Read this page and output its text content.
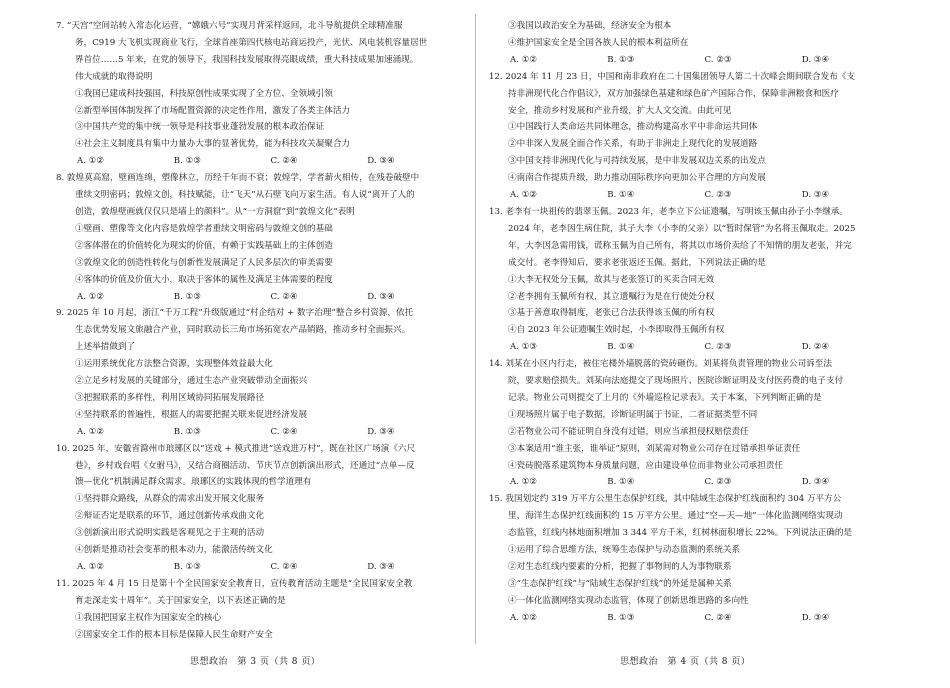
7. “天宫”空间站转入常态化运营，“嫦娥六号”实现月背采样返回，北斗导航提供全球精准服
务，C919 大飞机实现商业飞行，全球首座第四代核电站商运投产，光伏、风电装机容量居世
界首位……5 年来，在党的领导下，我国科技发展取得亮眼成绩，重大科技成果加速涌现。
伟大成就的取得说明
①我国已建成科技强国，科技原创性成果实现了全方位、全领域引领
②新型举国体制发挥了市场配置资源的决定性作用，激发了各类主体活力
③中国共产党的集中统一领导是科技事业蓬勃发展的根本政治保证
④社会主义制度具有集中力量办大事的显著优势，能为科技攻关凝聚合力
A. ①②	B. ①③	C. ②④	D. ③④
8. 敦煌莫高窟，壁画连绵，塑像林立，历经千年而不衰；敦煌学，学者薪火相传，在残卷破壁中
重续文明密码；敦煌文创，科技赋能，让“飞天”从石壁飞向万家生活。有人说“离开了人的
创造，敦煌壁画就仅仅只是墙上的颜料”。从“一方洞窟”到“敦煌文化”表明
①壁画、塑像等文化内容是敦煌学者重续文明密码与敦煌文创的基础
②客体潜在的价值转化为现实的价值，有赖于实践基础上的主体创造
③敦煌文化的创造性转化与创新性发展满足了人民多层次的审美需要
④客体的价值及价值大小，取决于客体的属性及满足主体需要的程度
A. ①②	B. ①③	C. ②④	D. ③④
9. 2025 年 10 月起，浙江“千万工程”升级版通过“村企结对 + 数字治理”整合乡村资源，依托
生态优势发展文旅融合产业，同时联动长三角市场拓宽农产品销路，推动乡村全面振兴。
上述举措做到了
①运用系统优化方法整合资源，实现整体效益最大化
②立足乡村发展的关键部分，通过生态产业突破带动全面振兴
③把握联系的多样性，利用区域协同拓展发展路径
④坚持联系的普遍性，根据人的需要把握关联来促进经济发展
A. ①②	B. ①③	C. ②④	D. ③④
10. 2025 年，安徽省滁州市琅琊区以“送戏 + 模式推进“送戏进万村”，既在社区广场演《六尺
巷》，乡村戏台唱《女驸马》，又结合商圈活动、节庆节点创新演出形式，还通过“点单—反
馈—优化”机制满足群众需求。琅琊区的实践体现的哲学道理有
①坚持群众路线，从群众的需求出发开展文化服务
②辩证否定是联系的环节，通过创新传承戏曲文化
③创新演出形式说明实践是客观见之于主观的活动
④创新是推动社会变革的根本动力，能激活传统文化
A. ①②	B. ①③	C. ②④	D. ③④
11. 2025 年 4 月 15 日是第十个全民国家安全教育日，宣传教育活动主题是“全民国家安全教
育走深走实十周年”。关于国家安全，以下表述正确的是
①我国把国家主权作为国家安全的核心
②国家安全工作的根本目标是保障人民生命财产安全
③我国以政治安全为基础，经济安全为根本
④维护国家安全是全国各族人民的根本利益所在
A. ①②	B. ①③	C. ②③	D. ③④
12. 2024 年 11 月 23 日，中国和南非政府在二十国集团领导人第二十次峰会期间联合发布《支
持非洲现代化合作倡议》，双方加强绿色基建和绿色矿产国际合作，保障非洲粮食和医疗
安全，推动乡村发展和产业升级，扩大人文交流。由此可见
①中国践行人类命运共同体理念，推动构建高水平中非命运共同体
②中非深入发展全面合作关系，有助于非洲走上现代化的发展道路
③中国支持非洲现代化与可持续发展，是中非发展双边关系的出发点
④南南合作提质升级，助力推动国际秩序向更加公平合理的方向发展
A. ①②	B. ①④	C. ②③	D. ③④
13. 老李有一块祖传的翡翠玉佩。2023 年，老李立下公证遗嘱，写明该玉佩由孙子小李继承。
2024 年，老李因生病住院，其子大李（小李的父亲）以“暂时保管”为名将玉佩取走。2025
年，大李因急需用钱，谎称玉佩为自己所有，将其以市场价卖给了不知情的朋友老张，并完
成交付。老李得知后，要求老张返还玉佩。据此，下列说法正确的是
①大李无权处分玉佩，故其与老张签订的买卖合同无效
②老李拥有玉佩所有权，其立遗嘱行为是在行使处分权
③基于善意取得制度，老张已合法获得该玉佩的所有权
④自 2023 年公证遗嘱生效时起，小李即取得玉佩所有权
A. ①③	B. ①④	C. ②③	D. ②④
14. 刘某在小区内行走，被住宅楼外墙脱落的瓷砖砸伤。刘某将负责管理的物业公司诉至法
院，要求赔偿损失。刘某向法庭提交了现场照片、医院诊断证明及支付医药费的电子支付
记录。物业公司则提交了上月的《外墙巡检记录表》。关于本案，下列判断正确的是
①现场照片属于电子数据，诊断证明属于书证，二者证据类型不同
②若物业公司不能证明自身没有过错，则应当承担侵权赔偿责任
③本案适用“谁主张，谁举证”原则，刘某需对物业公司存在过错承担举证责任
④瓷砖脱落系建筑物本身质量问题，应由建设单位而非物业公司承担责任
A. ①②	B. ①④	C. ②③	D. ③④
15. 我国划定约 319 万平方公里生态保护红线，其中陆域生态保护红线面积约 304 万平方公
里，海洋生态保护红线面积约 15 万平方公里。通过“空—天—地”一体化监测网络实现动
态监管，红线内林地面积增加 3 344 平方千米，红树林面积增长 22%。下列说法正确的是
①运用了综合思维方法，统筹生态保护与动态监测的系统关系
②对生态红线内要素的分析，把握了事物间的人为事物联系
③“生态保护红线”与“陆域生态保护红线”的外延是属种关系
④一体化监测网络实现动态监管，体现了创新思维思路的多向性
A. ①②	B. ①③	C. ②④	D. ③④
思想政治　第 3 页（共 8 页）	思想政治　第 4 页（共 8 页）
